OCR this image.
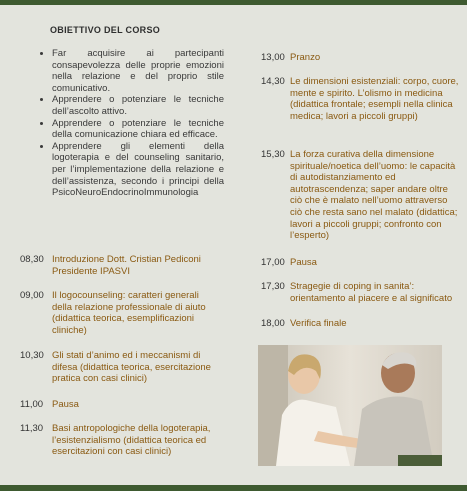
OBIETTIVO DEL CORSO
• Far acquisire ai partecipanti consapevolezza delle proprie emozioni nella relazione e del proprio stile comunicativo.
• Apprendere o potenziare le tecniche dell’ascolto attivo.
• Apprendere o potenziare le tecniche della comunicazione chiara ed efficace.
• Apprendere gli elementi della logoterapia e del counseling sanitario, per l’implementazione della relazione e dell’assistenza, secondo i principi della PsicoNeuroEndocrinoImmunologia
08,30 Introduzione Dott. Cristian Pediconi Presidente IPASVI
09,00 Il logocounseling: caratteri generali della relazione professionale di aiuto (didattica teorica, esemplificazioni cliniche)
10,30 Gli stati d’animo ed i meccanismi di difesa (didattica teorica, esercitazione pratica con casi clinici)
11,00 Pausa
11,30 Basi antropologiche della logoterapia, l’esistenzialismo (didattica teorica ed esercitazioni con casi clinici)
13,00 Pranzo
14,30 Le dimensioni esistenziali: corpo, cuore, mente e spirito. L’olismo in medicina (didattica frontale; esempli nella clinica medica; lavori a piccoli gruppi)
15,30 La forza curativa della dimensione spirituale/noetica dell’uomo: le capacità di autodistanziamento ed autotrascendenza; saper andare oltre ciò che è malato nell’uomo attraverso ciò che resta sano nel malato (didattica; lavori a piccoli gruppi; confronto con l’esperto)
17,00 Pausa
17,30 Stragegie di coping in sanita’: orientamento al piacere e al significato
18,00 Verifica finale
